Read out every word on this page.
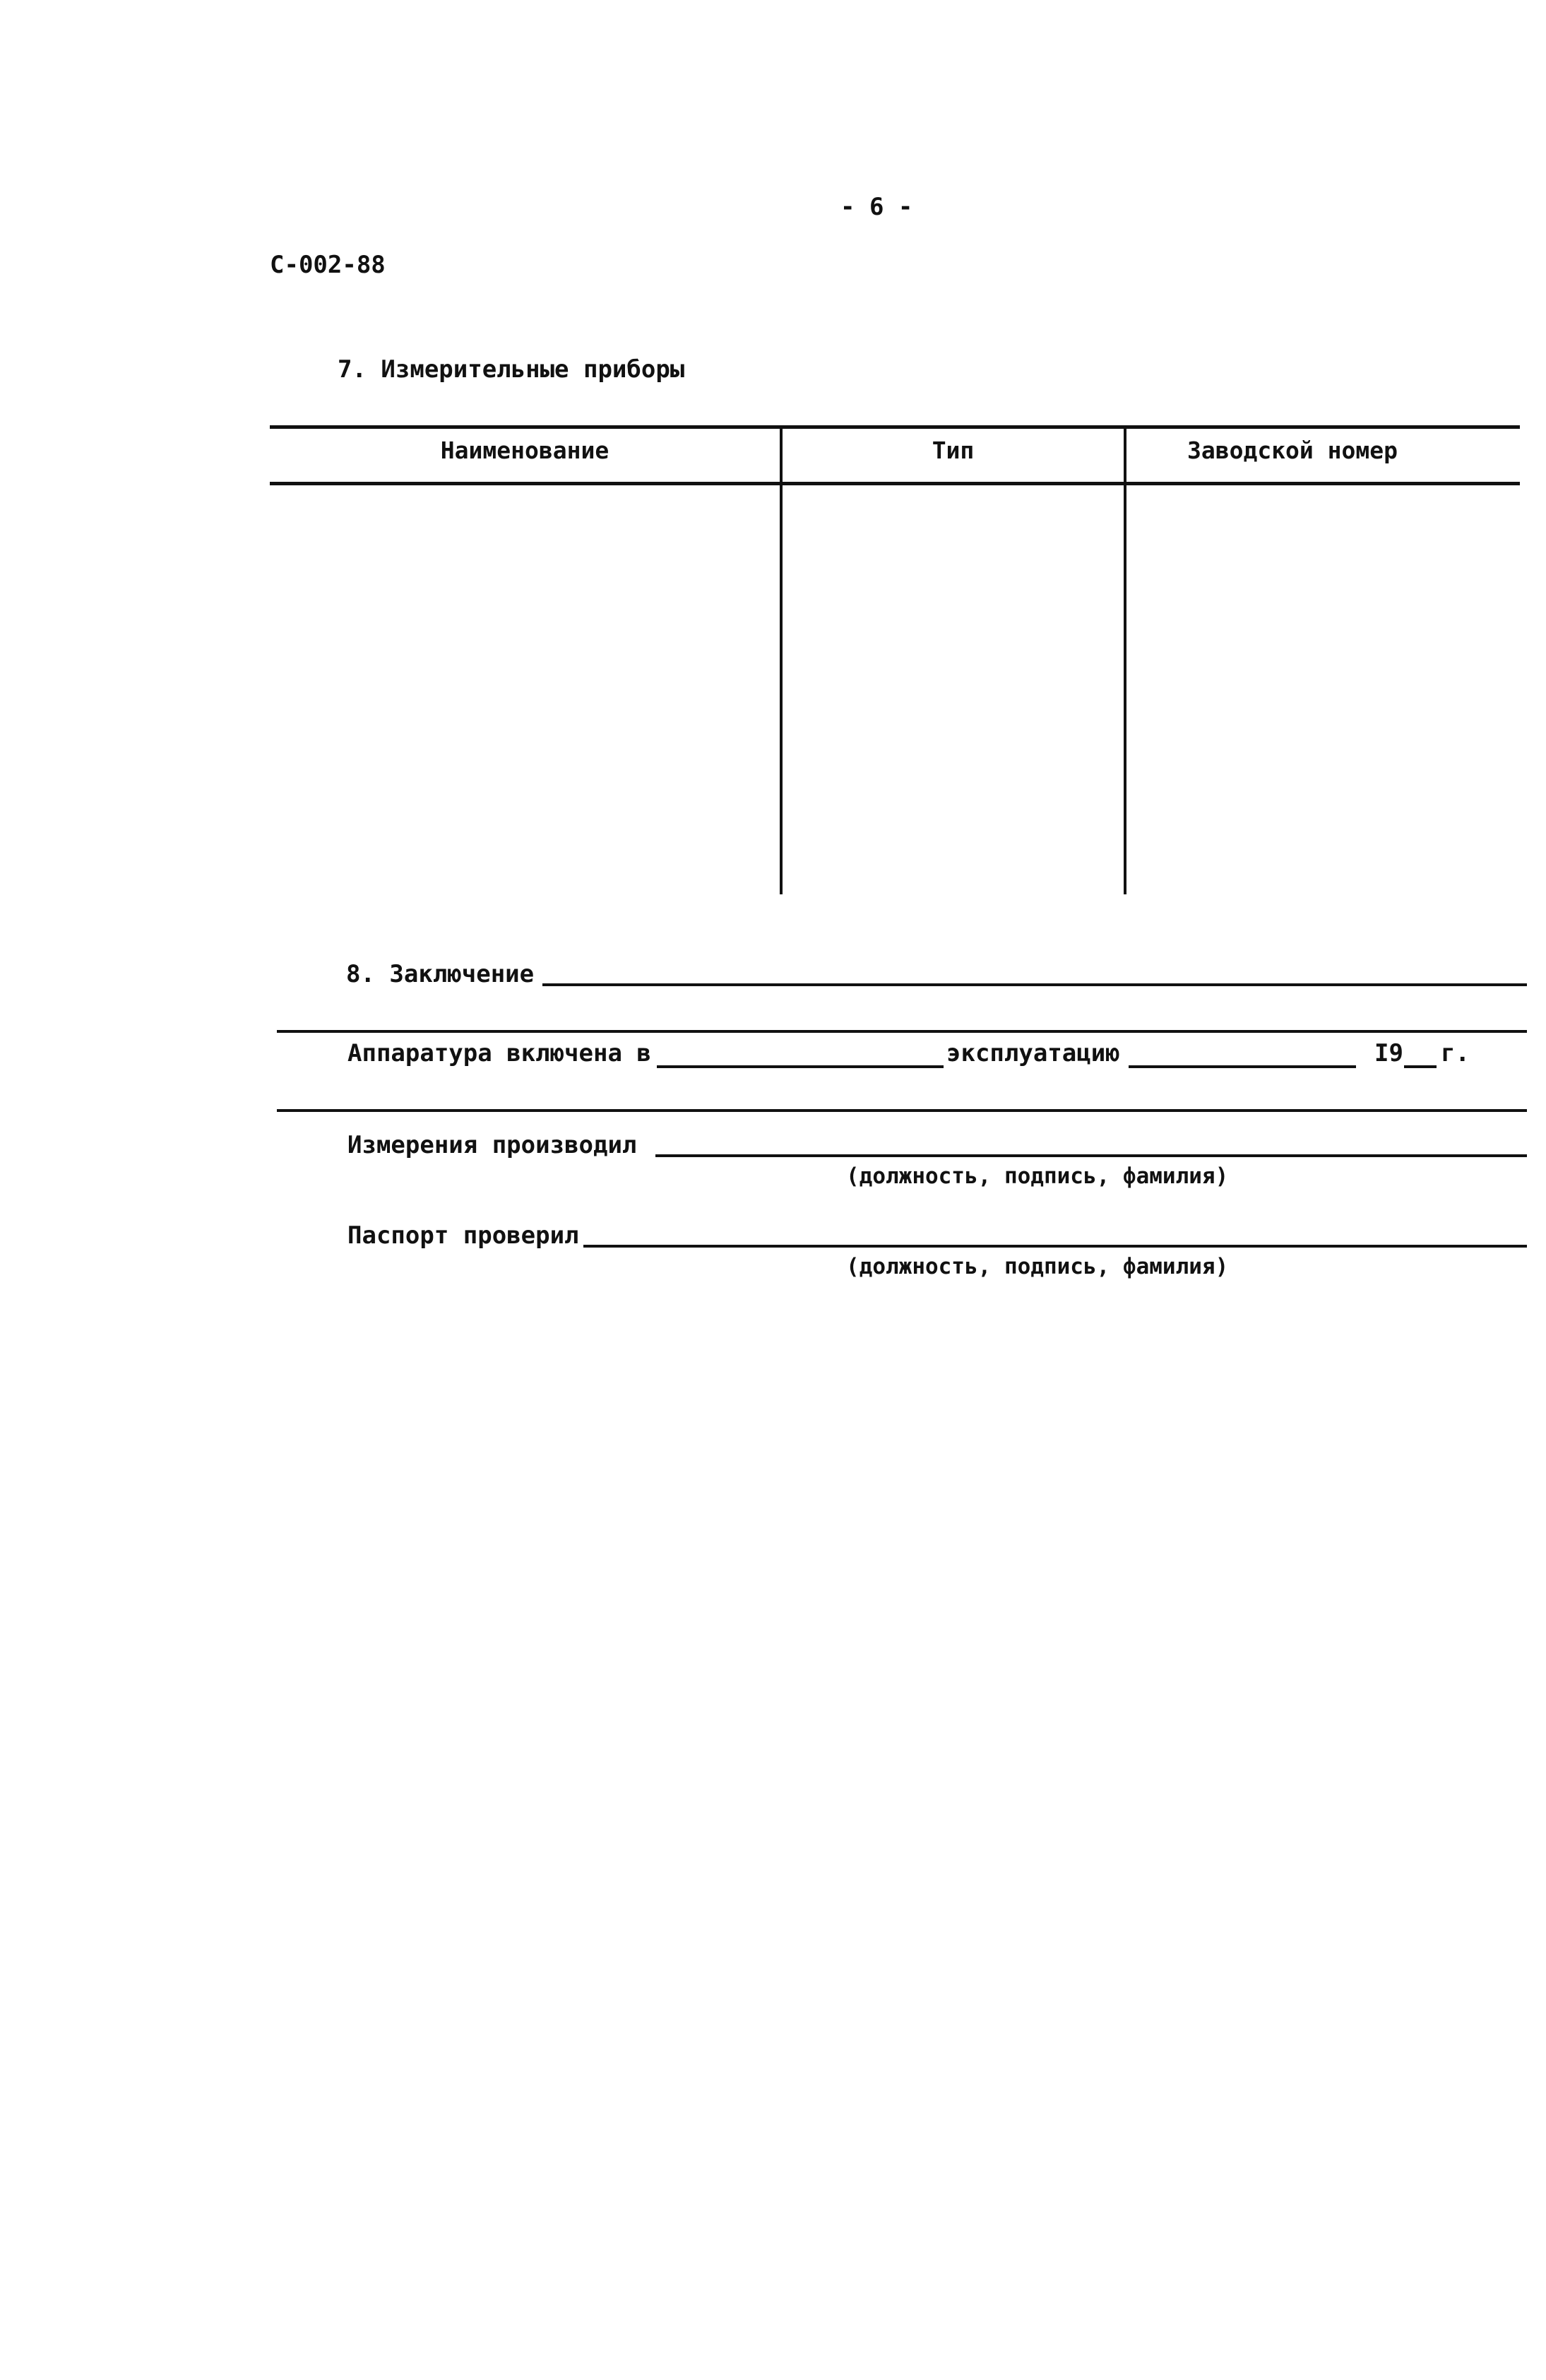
- 6 -
С-002-88
7. Измерительные приборы
Наименование	Тип	Заводской номер
8. Заключение
Аппаратура включена в	эксплуатацию	I9 г.
Измерения производил
(должность, подпись, фамилия)
Паспорт проверил
(должность, подпись, фамилия)
